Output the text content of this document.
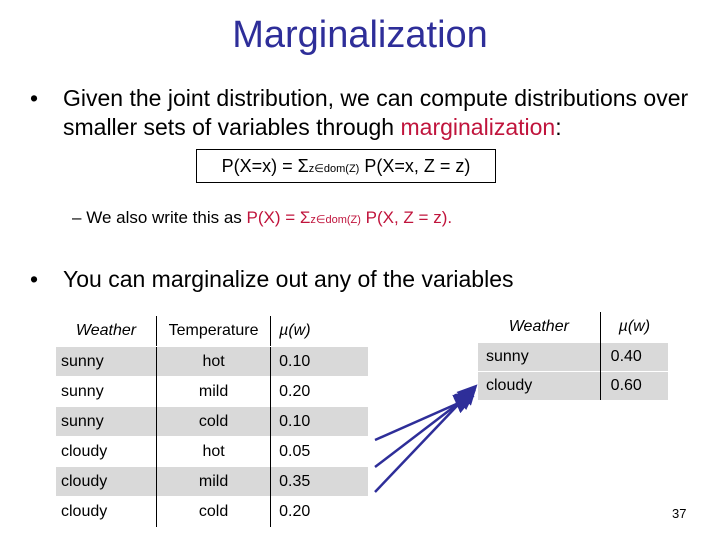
Marginalization
• Given the joint distribution, we can compute distributions over smaller sets of variables through marginalization:
P(X=x) = Σz∈dom(Z) P(X=x, Z = z)
– We also write this as P(X) = Σz∈dom(Z) P(X, Z = z).
• You can marginalize out any of the variables
Weather	Temperature	µ(w)
sunny	hot	0.10
sunny	mild	0.20
sunny	cold	0.10
cloudy	hot	0.05
cloudy	mild	0.35
cloudy	cold	0.20
Weather	µ(w)
sunny	0.40
cloudy	0.60
37
